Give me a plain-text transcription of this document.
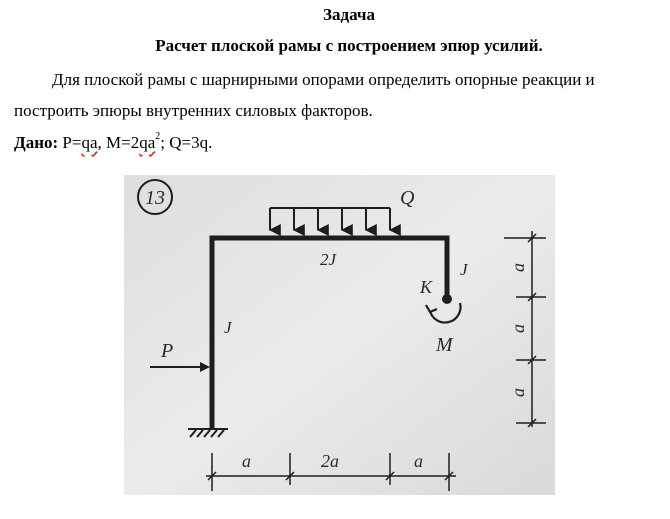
Задача
Расчет плоской рамы с построением эпюр усилий.
Для плоской рамы с шарнирными опорами определить опорные реакции и
построить эпюры внутренних силовых факторов.
Дано: P=qa, $M=2qa^2$; Q=3q.
13	Q
2J
J
J
K
M
P
a	2a	a
a
a
a
